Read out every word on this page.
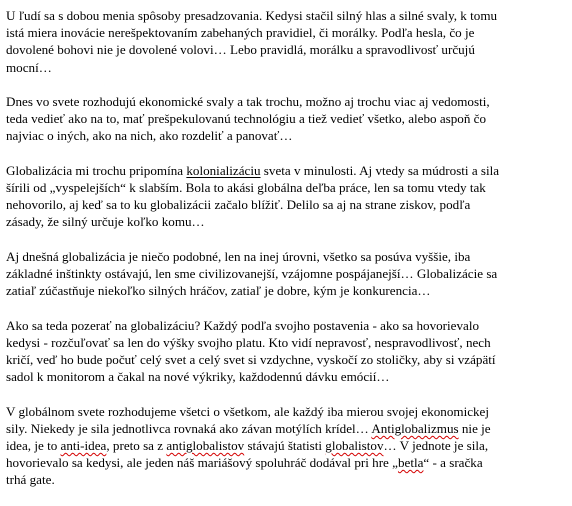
U ľudí sa s dobou menia spôsoby presadzovania. Kedysi stačil silný hlas a silné svaly, k tomu
istá miera inovácie nerešpektovaním zabehaných pravidiel, či morálky. Podľa hesla, čo je
dovolené bohovi nie je dovolené volovi… Lebo pravidlá, morálku a spravodlivosť určujú
mocní…

Dnes vo svete rozhodujú ekonomické svaly a tak trochu, možno aj trochu viac aj vedomosti,
teda vedieť ako na to, mať prešpekulovanú technológiu a tiež vedieť všetko, alebo aspoň čo
najviac o iných, ako na nich, ako rozdeliť a panovať…

Globalizácia mi trochu pripomína kolonializáciu sveta v minulosti. Aj vtedy sa múdrosti a sila
šírili od „vyspelejších“ k slabším. Bola to akási globálna deľba práce, len sa tomu vtedy tak
nehovorilo, aj keď sa to ku globalizácii začalo blížiť. Delilo sa aj na strane ziskov, podľa
zásady, že silný určuje koľko komu…

Aj dnešná globalizácia je niečo podobné, len na inej úrovni, všetko sa posúva vyššie, iba
základné inštinkty ostávajú, len sme civilizovanejší, vzájomne pospájanejší… Globalizácie sa
zatiaľ zúčastňuje niekoľko silných hráčov, zatiaľ je dobre, kým je konkurencia…

Ako sa teda pozerať na globalizáciu? Každý podľa svojho postavenia - ako sa hovorievalo
kedysi - rozčuľovať sa len do výšky svojho platu. Kto vidí nepravosť, nespravodlivosť, nech
kričí, veď ho bude počuť celý svet a celý svet si vzdychne, vyskočí zo stoličky, aby si vzápätí
sadol k monitorom a čakal na nové výkriky, každodennú dávku emócií…

V globálnom svete rozhodujeme všetci o všetkom, ale každý iba mierou svojej ekonomickej
sily. Niekedy je sila jednotlivca rovnaká ako závan motýlích krídel… Antiglobalizmus nie je
idea, je to anti-idea, preto sa z antiglobalistov stávajú štatisti globalistov… V jednote je sila,
hovorievalo sa kedysi, ale jeden náš mariášový spoluhráč dodával pri hre „betla“ - a sračka
trhá gate.
